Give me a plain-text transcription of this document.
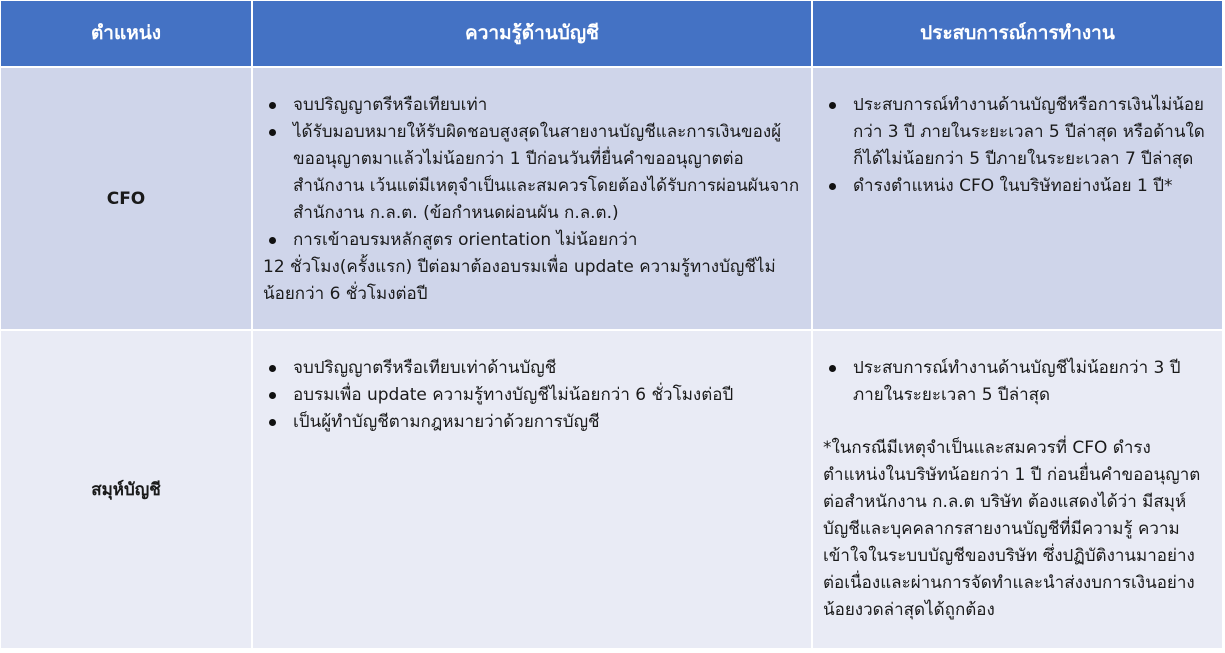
ตำแหน่ง	ความรู้ด้านบัญชี	ประสบการณ์การทำงาน
CFO
จบปริญญาตรีหรือเทียบเท่า
ได้รับมอบหมายให้รับผิดชอบสูงสุดในสายงานบัญชีและการเงินของผู้ขออนุญาตมาแล้วไม่น้อยกว่า 1 ปีก่อนวันที่ยื่นคำขออนุญาตต่อสำนักงาน เว้นแต่มีเหตุจำเป็นและสมควรโดยต้องได้รับการผ่อนผันจากสำนักงาน ก.ล.ต. (ข้อกำหนดผ่อนผัน ก.ล.ต.)
การเข้าอบรมหลักสูตร orientation ไม่น้อยกว่า

12 ชั่วโมง(ครั้งแรก) ปีต่อมาต้องอบรมเพื่อ update ความรู้ทางบัญชีไม่น้อยกว่า 6 ชั่วโมงต่อปี

ประสบการณ์ทำงานด้านบัญชีหรือการเงินไม่น้อยกว่า 3 ปี ภายในระยะเวลา 5 ปีล่าสุด หรือด้านใดก็ได้ไม่น้อยกว่า 5 ปีภายในระยะเวลา 7 ปีล่าสุด
ดำรงตำแหน่ง CFO ในบริษัทอย่างน้อย 1 ปี*
สมุห์บัญชี
จบปริญญาตรีหรือเทียบเท่าด้านบัญชี
อบรมเพื่อ update ความรู้ทางบัญชีไม่น้อยกว่า 6 ชั่วโมงต่อปี
เป็นผู้ทำบัญชีตามกฎหมายว่าด้วยการบัญชี
ประสบการณ์ทำงานด้านบัญชีไม่น้อยกว่า 3 ปี ภายในระยะเวลา 5 ปีล่าสุด

*ในกรณีมีเหตุจำเป็นและสมควรที่ CFO ดำรงตำแหน่งในบริษัทน้อยกว่า 1 ปี ก่อนยื่นคำขออนุญาตต่อสำหนักงาน ก.ล.ต บริษัท ต้องแสดงได้ว่า มีสมุห์บัญชีและบุคคลากรสายงานบัญชีที่มีความรู้ ความเข้าใจในระบบบัญชีของบริษัท ซึ่งปฏิบัติงานมาอย่างต่อเนื่องและผ่านการจัดทำและนำส่งงบการเงินอย่างน้อยงวดล่าสุดได้ถูกต้อง
